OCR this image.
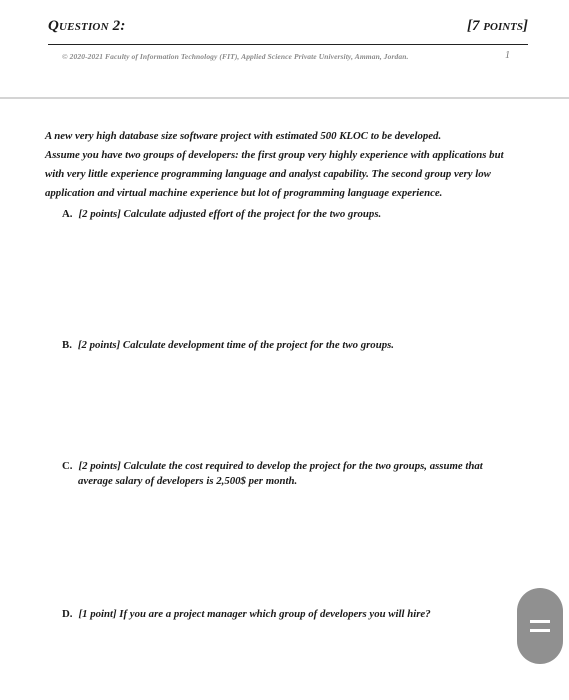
Question 2:	[7 points]
© 2020-2021 Faculty of Information Technology (FIT), Applied Science Private University, Amman, Jordan.	1

A new very high database size software project with estimated 500 KLOC to be developed.
Assume you have two groups of developers: the first group very highly experience with applications but
with very little experience programming language and analyst capability. The second group very low
application and virtual machine experience but lot of programming language experience.

A. [2 points] Calculate adjusted effort of the project for the two groups.
B. [2 points] Calculate development time of the project for the two groups.
C. [2 points] Calculate the cost required to develop the project for the two groups, assume that
average salary of developers is 2,500$ per month.
D. [1 point] If you are a project manager which group of developers you will hire?
